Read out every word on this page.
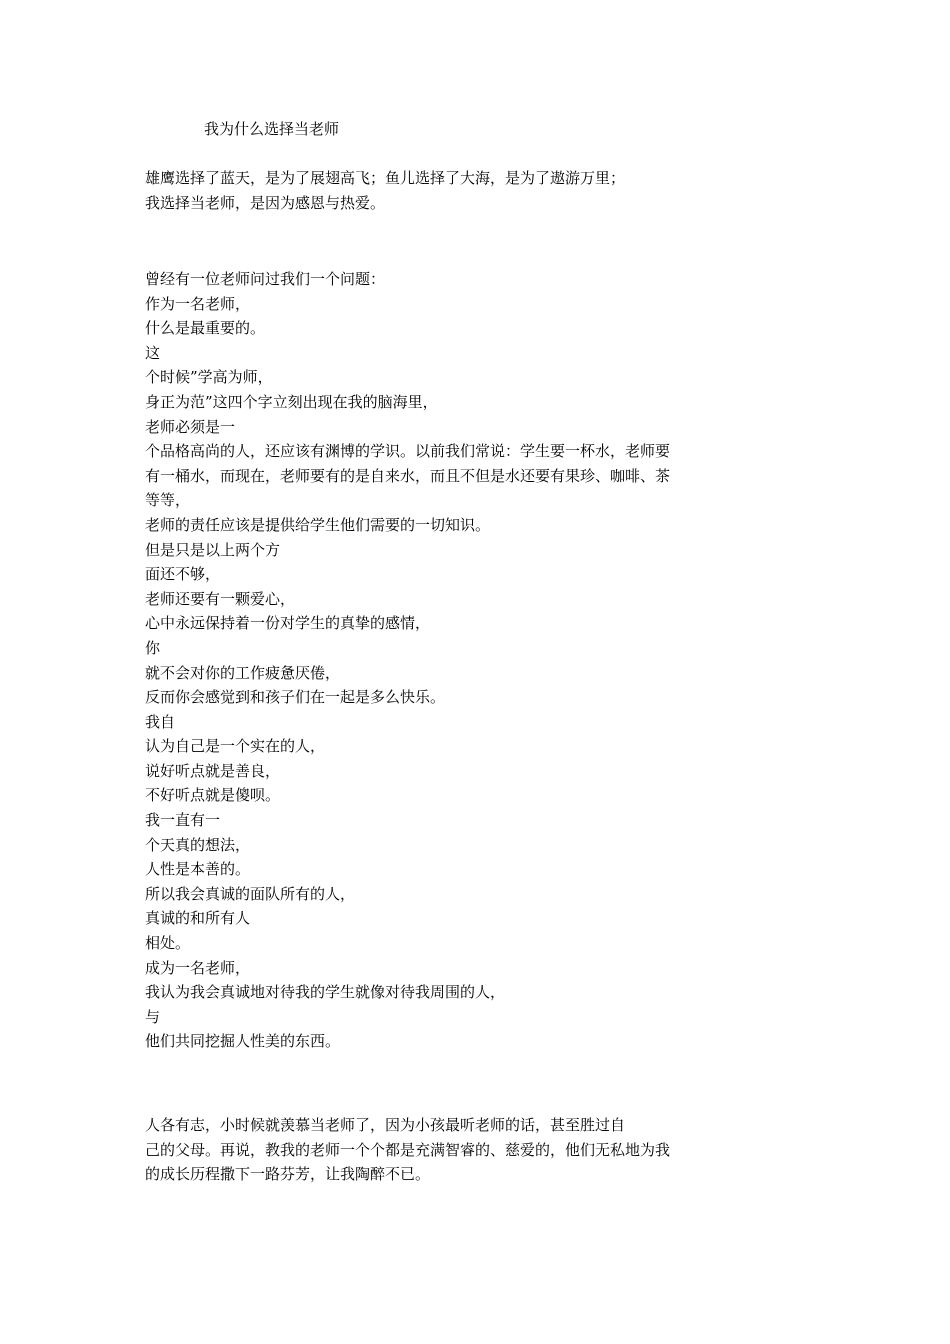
我为什么选择当老师
雄鹰选择了蓝天，是为了展翅高飞；鱼儿选择了大海，是为了遨游万里；
我选择当老师，是因为感恩与热爱。
曾经有一位老师问过我们一个问题：
作为一名老师，
什么是最重要的。
这
个时候”学高为师，
身正为范”这四个字立刻出现在我的脑海里，
老师必须是一
个品格高尚的人，还应该有渊博的学识。以前我们常说：学生要一杯水，老师要
有一桶水，而现在，老师要有的是自来水，而且不但是水还要有果珍、咖啡、茶
等等，
老师的责任应该是提供给学生他们需要的一切知识。
但是只是以上两个方
面还不够，
老师还要有一颗爱心，
心中永远保持着一份对学生的真挚的感情，
你
就不会对你的工作疲惫厌倦，
反而你会感觉到和孩子们在一起是多么快乐。
我自
认为自己是一个实在的人，
说好听点就是善良，
不好听点就是傻呗。
我一直有一
个天真的想法，
人性是本善的。
所以我会真诚的面队所有的人，
真诚的和所有人
相处。
成为一名老师，
我认为我会真诚地对待我的学生就像对待我周围的人，
与
他们共同挖掘人性美的东西。
人各有志，小时候就羡慕当老师了，因为小孩最听老师的话，甚至胜过自
己的父母。再说，教我的老师一个个都是充满智睿的、慈爱的，他们无私地为我
的成长历程撒下一路芬芳，让我陶醉不已。
